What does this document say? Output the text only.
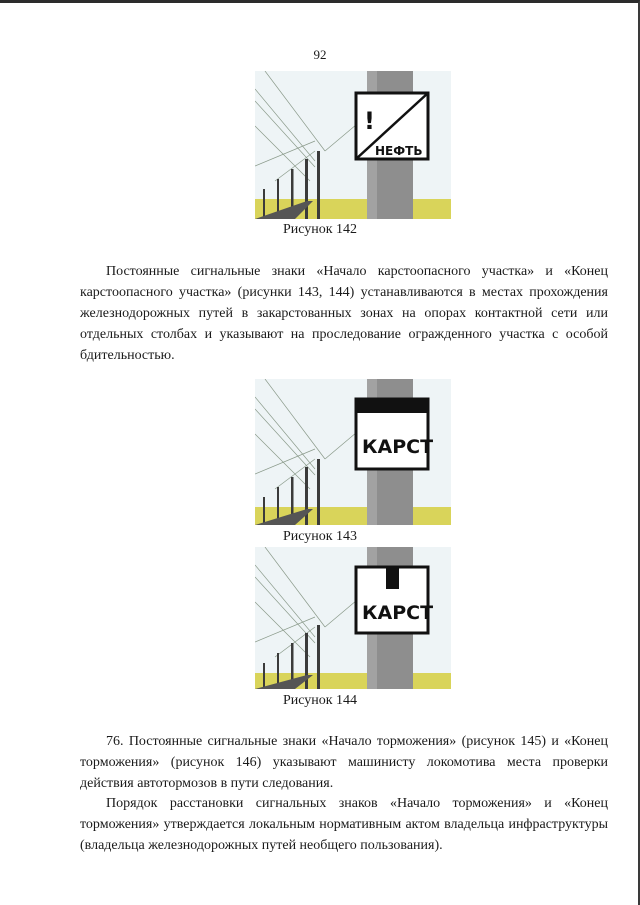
92
!
НЕФТЬ
Рисунок 142

Постоянные сигнальные знаки «Начало карстоопасного участка» и «Конец карстоопасного участка» (рисунки 143, 144) устанавливаются в местах прохождения железнодорожных путей в закарстованных зонах на опорах контактной сети или отдельных столбах и указывают на проследование огражденного участка с особой бдительностью.

КАРСТ
Рисунок 143
КАРСТ
Рисунок 144

76. Постоянные сигнальные знаки «Начало торможения» (рисунок 145) и «Конец торможения» (рисунок 146) указывают машинисту локомотива места проверки действия автотормозов в пути следования.

Порядок расстановки сигнальных знаков «Начало торможения» и «Конец торможения» утверждается локальным нормативным актом владельца инфраструктуры (владельца железнодорожных путей необщего пользования).
